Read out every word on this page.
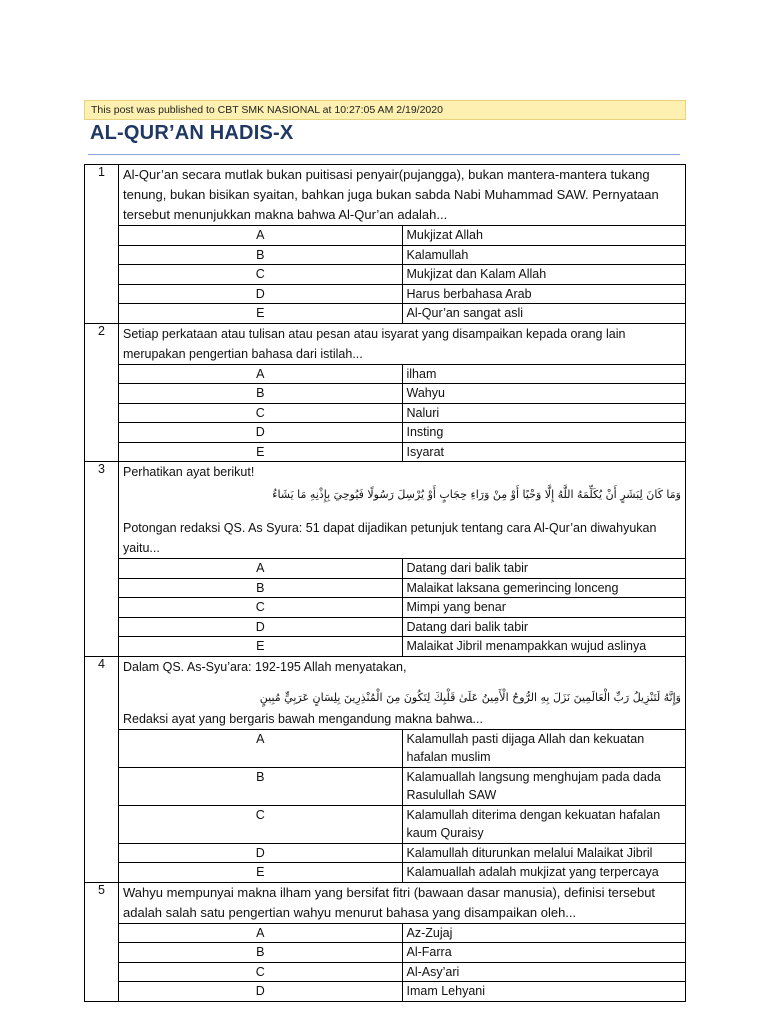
This post was published to CBT SMK NASIONAL at 10:27:05 AM 2/19/2020
AL-QUR’AN HADIS-X
1	Al-Qur’an secara mutlak bukan puitisasi penyair(pujangga), bukan mantera-mantera tukang tenung, bukan bisikan syaitan, bahkan juga bukan sabda Nabi Muhammad SAW. Pernyataan tersebut menunjukkan makna bahwa Al-Qur’an adalah...	
	A	Mukjizat Allah
	B	Kalamullah
	C	Mukjizat dan Kalam Allah
	D	Harus berbahasa Arab
	E	Al-Qur’an sangat asli
2	Setiap perkataan atau tulisan atau pesan atau isyarat yang disampaikan kepada orang lain merupakan pengertian bahasa dari istilah...	
	A	ilham
	B	Wahyu
	C	Naluri
	D	Insting
	E	Isyarat
3	Perhatikan ayat berikut!
وَمَا كَانَ لِبَشَرٍ أَنْ يُكَلِّمَهُ اللَّهُ إِلَّا وَحْيًا أَوْ مِنْ وَرَاءِ حِجَابٍ أَوْ يُرْسِلَ رَسُولًا فَيُوحِيَ بِإِذْنِهِ مَا يَشَاءُ
Potongan redaksi QS. As Syura: 51 dapat dijadikan petunjuk tentang cara Al-Qur’an diwahyukan yaitu...	

	A	Datang dari balik tabir
	B	Malaikat laksana gemerincing lonceng
	C	Mimpi yang benar
	D	Datang dari balik tabir
	E	Malaikat Jibril menampakkan wujud aslinya
4	Dalam QS. As-Syu’ara: 192-195 Allah menyatakan,
وَإِنَّهُ لَتَنْزِيلُ رَبِّ الْعَالَمِينَ نَزَلَ بِهِ الرُّوحُ الْأَمِينُ عَلَىٰ قَلْبِكَ لِتَكُونَ مِنَ الْمُنْذِرِينَ بِلِسَانٍ عَرَبِيٍّ مُبِينٍ
Redaksi ayat yang bergaris bawah mengandung makna bahwa...	

	A	Kalamullah pasti dijaga Allah dan kekuatan hafalan muslim
	B	Kalamuallah langsung menghujam pada dada Rasulullah SAW
	C	Kalamullah diterima dengan kekuatan hafalan kaum Quraisy
	D	Kalamullah diturunkan melalui Malaikat Jibril
	E	Kalamuallah adalah mukjizat yang terpercaya
5	Wahyu mempunyai makna ilham yang bersifat fitri (bawaan dasar manusia), definisi tersebut adalah salah satu pengertian wahyu menurut bahasa yang disampaikan oleh...	
	A	Az-Zujaj
	B	Al-Farra
	C	Al-Asy’ari
	D	Imam Lehyani
